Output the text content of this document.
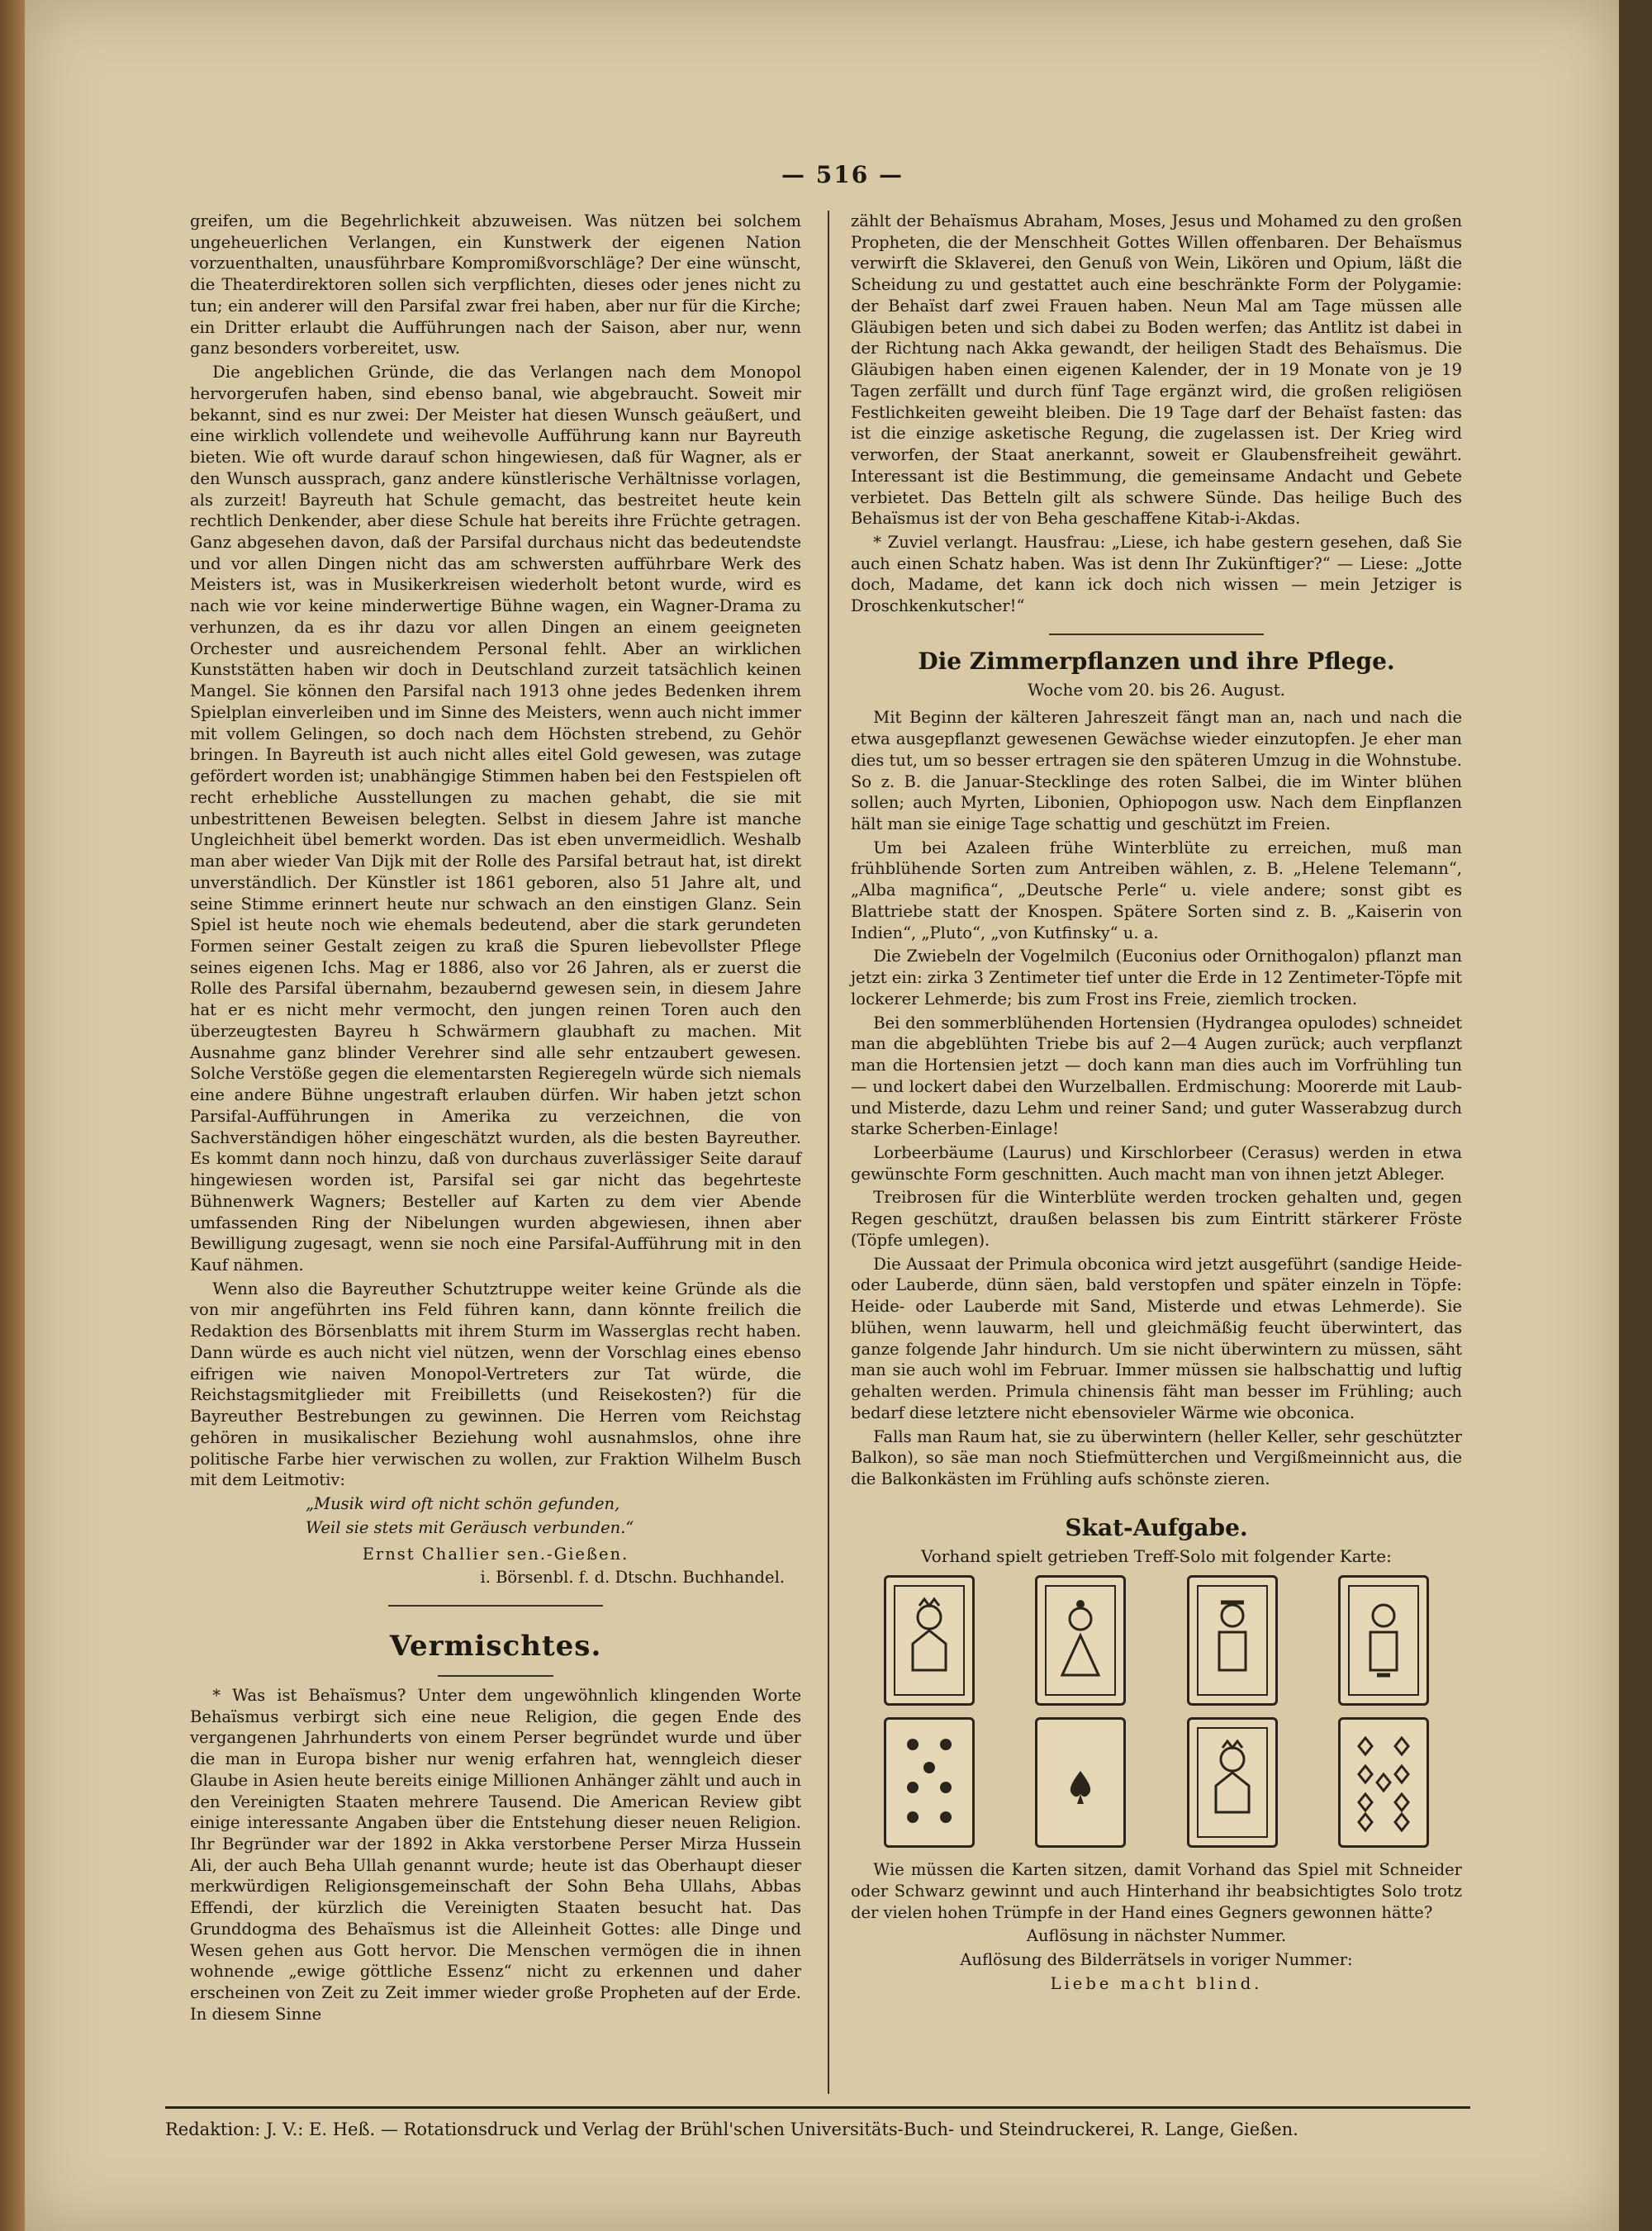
— 516 —

greifen, um die Begehrlichkeit abzuweisen. Was nützen bei solchem ungeheuerlichen Verlangen, ein Kunstwerk der eigenen Nation vorzuenthalten, unausführbare Kompromißvorschläge? Der eine wünscht, die Theaterdirektoren sollen sich verpflichten, dieses oder jenes nicht zu tun; ein anderer will den Parsifal zwar frei haben, aber nur für die Kirche; ein Dritter erlaubt die Aufführungen nach der Saison, aber nur, wenn ganz besonders vorbereitet, usw.

Die angeblichen Gründe, die das Verlangen nach dem Monopol hervorgerufen haben, sind ebenso banal, wie abgebraucht. Soweit mir bekannt, sind es nur zwei: Der Meister hat diesen Wunsch geäußert, und eine wirklich vollendete und weihevolle Aufführung kann nur Bayreuth bieten. Wie oft wurde darauf schon hingewiesen, daß für Wagner, als er den Wunsch aussprach, ganz andere künstlerische Verhältnisse vorlagen, als zurzeit! Bayreuth hat Schule gemacht, das bestreitet heute kein rechtlich Denkender, aber diese Schule hat bereits ihre Früchte getragen. Ganz abgesehen davon, daß der Parsifal durchaus nicht das bedeutendste und vor allen Dingen nicht das am schwersten aufführbare Werk des Meisters ist, was in Musikerkreisen wiederholt betont wurde, wird es nach wie vor keine minderwertige Bühne wagen, ein Wagner-Drama zu verhunzen, da es ihr dazu vor allen Dingen an einem geeigneten Orchester und ausreichendem Personal fehlt. Aber an wirklichen Kunststätten haben wir doch in Deutschland zurzeit tatsächlich keinen Mangel. Sie können den Parsifal nach 1913 ohne jedes Bedenken ihrem Spielplan einverleiben und im Sinne des Meisters, wenn auch nicht immer mit vollem Gelingen, so doch nach dem Höchsten strebend, zu Gehör bringen. In Bayreuth ist auch nicht alles eitel Gold gewesen, was zutage gefördert worden ist; unabhängige Stimmen haben bei den Festspielen oft recht erhebliche Ausstellungen zu machen gehabt, die sie mit unbestrittenen Beweisen belegten. Selbst in diesem Jahre ist manche Ungleichheit übel bemerkt worden. Das ist eben unvermeidlich. Weshalb man aber wieder Van Dijk mit der Rolle des Parsifal betraut hat, ist direkt unverständlich. Der Künstler ist 1861 geboren, also 51 Jahre alt, und seine Stimme erinnert heute nur schwach an den einstigen Glanz. Sein Spiel ist heute noch wie ehemals bedeutend, aber die stark gerundeten Formen seiner Gestalt zeigen zu kraß die Spuren liebevollster Pflege seines eigenen Ichs. Mag er 1886, also vor 26 Jahren, als er zuerst die Rolle des Parsifal übernahm, bezaubernd gewesen sein, in diesem Jahre hat er es nicht mehr vermocht, den jungen reinen Toren auch den überzeugtesten Bayreu h Schwärmern glaubhaft zu machen. Mit Ausnahme ganz blinder Verehrer sind alle sehr entzaubert gewesen. Solche Verstöße gegen die elementarsten Regieregeln würde sich niemals eine andere Bühne ungestraft erlauben dürfen. Wir haben jetzt schon Parsifal-Aufführungen in Amerika zu verzeichnen, die von Sachverständigen höher eingeschätzt wurden, als die besten Bayreuther. Es kommt dann noch hinzu, daß von durchaus zuverlässiger Seite darauf hingewiesen worden ist, Parsifal sei gar nicht das begehrteste Bühnenwerk Wagners; Besteller auf Karten zu dem vier Abende umfassenden Ring der Nibelungen wurden abgewiesen, ihnen aber Bewilligung zugesagt, wenn sie noch eine Parsifal-Aufführung mit in den Kauf nähmen.

Wenn also die Bayreuther Schutztruppe weiter keine Gründe als die von mir angeführten ins Feld führen kann, dann könnte freilich die Redaktion des Börsenblatts mit ihrem Sturm im Wasserglas recht haben. Dann würde es auch nicht viel nützen, wenn der Vorschlag eines ebenso eifrigen wie naiven Monopol-Vertreters zur Tat würde, die Reichstagsmitglieder mit Freibilletts (und Reisekosten?) für die Bayreuther Bestrebungen zu gewinnen. Die Herren vom Reichstag gehören in musikalischer Beziehung wohl ausnahmslos, ohne ihre politische Farbe hier verwischen zu wollen, zur Fraktion Wilhelm Busch mit dem Leitmotiv:

„Musik wird oft nicht schön gefunden,

Weil sie stets mit Geräusch verbunden.“

Ernst Challier sen.-Gießen.

i. Börsenbl. f. d. Dtschn. Buchhandel.

Vermischtes.

* Was ist Behaïsmus? Unter dem ungewöhnlich klingenden Worte Behaïsmus verbirgt sich eine neue Religion, die gegen Ende des vergangenen Jahrhunderts von einem Perser begründet wurde und über die man in Europa bisher nur wenig erfahren hat, wenngleich dieser Glaube in Asien heute bereits einige Millionen Anhänger zählt und auch in den Vereinigten Staaten mehrere Tausend. Die American Review gibt einige interessante Angaben über die Entstehung dieser neuen Religion. Ihr Begründer war der 1892 in Akka verstorbene Perser Mirza Hussein Ali, der auch Beha Ullah genannt wurde; heute ist das Oberhaupt dieser merkwürdigen Religionsgemeinschaft der Sohn Beha Ullahs, Abbas Effendi, der kürzlich die Vereinigten Staaten besucht hat. Das Grunddogma des Behaïsmus ist die Alleinheit Gottes: alle Dinge und Wesen gehen aus Gott hervor. Die Menschen vermögen die in ihnen wohnende „ewige göttliche Essenz“ nicht zu erkennen und daher erscheinen von Zeit zu Zeit immer wieder große Propheten auf der Erde. In diesem Sinne

zählt der Behaïsmus Abraham, Moses, Jesus und Mohamed zu den großen Propheten, die der Menschheit Gottes Willen offenbaren. Der Behaïsmus verwirft die Sklaverei, den Genuß von Wein, Likören und Opium, läßt die Scheidung zu und gestattet auch eine beschränkte Form der Polygamie: der Behaïst darf zwei Frauen haben. Neun Mal am Tage müssen alle Gläubigen beten und sich dabei zu Boden werfen; das Antlitz ist dabei in der Richtung nach Akka gewandt, der heiligen Stadt des Behaïsmus. Die Gläubigen haben einen eigenen Kalender, der in 19 Monate von je 19 Tagen zerfällt und durch fünf Tage ergänzt wird, die großen religiösen Festlichkeiten geweiht bleiben. Die 19 Tage darf der Behaïst fasten: das ist die einzige asketische Regung, die zugelassen ist. Der Krieg wird verworfen, der Staat anerkannt, soweit er Glaubensfreiheit gewährt. Interessant ist die Bestimmung, die gemeinsame Andacht und Gebete verbietet. Das Betteln gilt als schwere Sünde. Das heilige Buch des Behaïsmus ist der von Beha geschaffene Kitab-i-Akdas.

* Zuviel verlangt. Hausfrau: „Liese, ich habe gestern gesehen, daß Sie auch einen Schatz haben. Was ist denn Ihr Zukünftiger?“ — Liese: „Jotte doch, Madame, det kann ick doch nich wissen — mein Jetziger is Droschkenkutscher!“

Die Zimmerpflanzen und ihre Pflege.
Woche vom 20. bis 26. August.

Mit Beginn der kälteren Jahreszeit fängt man an, nach und nach die etwa ausgepflanzt gewesenen Gewächse wieder einzutopfen. Je eher man dies tut, um so besser ertragen sie den späteren Umzug in die Wohnstube. So z. B. die Januar-Stecklinge des roten Salbei, die im Winter blühen sollen; auch Myrten, Libonien, Ophiopogon usw. Nach dem Einpflanzen hält man sie einige Tage schattig und geschützt im Freien.

Um bei Azaleen frühe Winterblüte zu erreichen, muß man frühblühende Sorten zum Antreiben wählen, z. B. „Helene Telemann“, „Alba magnifica“, „Deutsche Perle“ u. viele andere; sonst gibt es Blattriebe statt der Knospen. Spätere Sorten sind z. B. „Kaiserin von Indien“, „Pluto“, „von Kutfinsky“ u. a.

Die Zwiebeln der Vogelmilch (Euconius oder Ornithogalon) pflanzt man jetzt ein: zirka 3 Zentimeter tief unter die Erde in 12 Zentimeter-Töpfe mit lockerer Lehmerde; bis zum Frost ins Freie, ziemlich trocken.

Bei den sommerblühenden Hortensien (Hydrangea opulodes) schneidet man die abgeblühten Triebe bis auf 2—4 Augen zurück; auch verpflanzt man die Hortensien jetzt — doch kann man dies auch im Vorfrühling tun — und lockert dabei den Wurzelballen. Erdmischung: Moorerde mit Laub- und Misterde, dazu Lehm und reiner Sand; und guter Wasserabzug durch starke Scherben-Einlage!

Lorbeerbäume (Laurus) und Kirschlorbeer (Cerasus) werden in etwa gewünschte Form geschnitten. Auch macht man von ihnen jetzt Ableger.

Treibrosen für die Winterblüte werden trocken gehalten und, gegen Regen geschützt, draußen belassen bis zum Eintritt stärkerer Fröste (Töpfe umlegen).

Die Aussaat der Primula obconica wird jetzt ausgeführt (sandige Heide- oder Lauberde, dünn säen, bald verstopfen und später einzeln in Töpfe: Heide- oder Lauberde mit Sand, Misterde und etwas Lehmerde). Sie blühen, wenn lauwarm, hell und gleichmäßig feucht überwintert, das ganze folgende Jahr hindurch. Um sie nicht überwintern zu müssen, säht man sie auch wohl im Februar. Immer müssen sie halbschattig und luftig gehalten werden. Primula chinensis fäht man besser im Frühling; auch bedarf diese letztere nicht ebensovieler Wärme wie obconica.

Falls man Raum hat, sie zu überwintern (heller Keller, sehr geschützter Balkon), so säe man noch Stiefmütterchen und Vergißmeinnicht aus, die die Balkonkästen im Frühling aufs schönste zieren.

Skat-Aufgabe.
Vorhand spielt getrieben Treff-Solo mit folgender Karte:

Wie müssen die Karten sitzen, damit Vorhand das Spiel mit Schneider oder Schwarz gewinnt und auch Hinterhand ihr beabsichtigtes Solo trotz der vielen hohen Trümpfe in der Hand eines Gegners gewonnen hätte?

Auflösung in nächster Nummer.

Auflösung des Bilderrätsels in voriger Nummer:

Liebe macht blind.

Redaktion: J. V.: E. Heß. — Rotationsdruck und Verlag der Brühl'schen Universitäts-Buch- und Steindruckerei, R. Lange, Gießen.
